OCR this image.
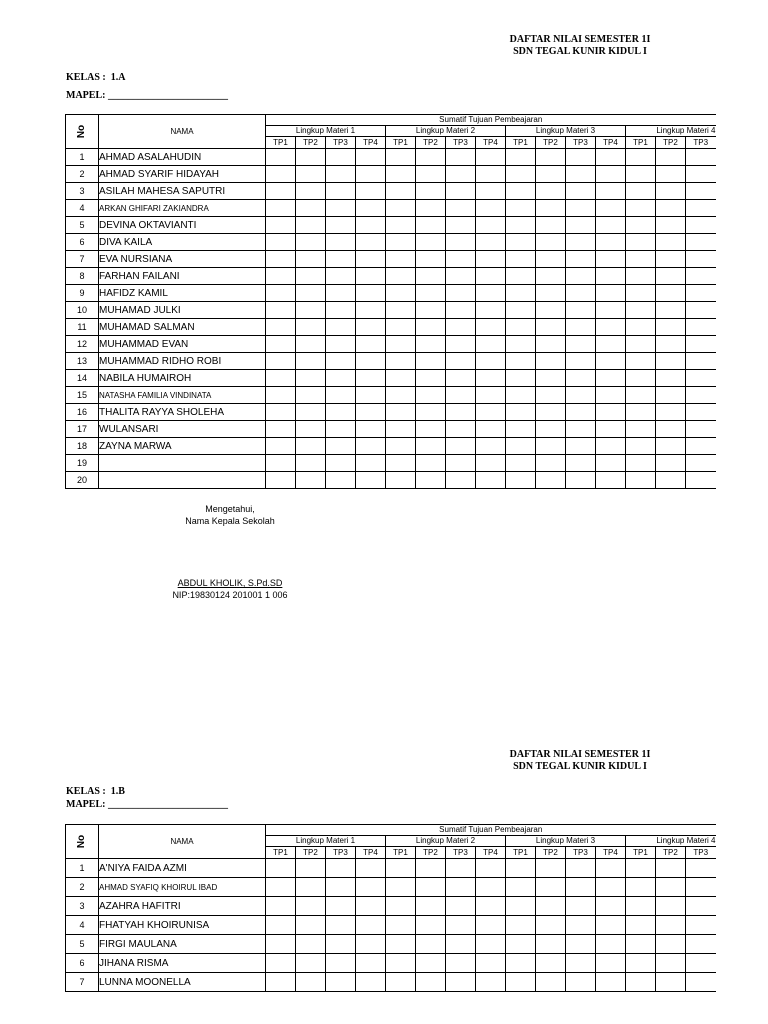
DAFTAR NILAI SEMESTER 1I
SDN TEGAL KUNIR KIDUL I
KELAS : 1.A
MAPEL: ________________________
No	NAMA	Sumatif Tujuan Pembeajaran														
		Lingkup Materi 1				Lingkup Materi 2				Lingkup Materi 3				Lingkup Materi 4		
		TP1	TP2	TP3	TP4	TP1	TP2	TP3	TP4	TP1	TP2	TP3	TP4	TP1	TP2	TP3
1	AHMAD ASALAHUDIN															
2	AHMAD SYARIF HIDAYAH															
3	ASILAH MAHESA SAPUTRI															
4	ARKAN GHIFARI ZAKIANDRA															
5	DEVINA OKTAVIANTI															
6	DIVA KAILA															
7	EVA NURSIANA															
8	FARHAN FAILANI															
9	HAFIDZ KAMIL															
10	MUHAMAD JULKI															
11	MUHAMAD SALMAN															
12	MUHAMMAD EVAN															
13	MUHAMMAD RIDHO ROBI															
14	NABILA HUMAIROH															
15	NATASHA FAMILIA VINDINATA															
16	THALITA RAYYA SHOLEHA															
17	WULANSARI															
18	ZAYNA MARWA															
19																
20																
Mengetahui,
Nama Kepala Sekolah
ABDUL KHOLIK, S.Pd.SD
NIP:19830124 201001 1 006
DAFTAR NILAI SEMESTER 1I
SDN TEGAL KUNIR KIDUL I
KELAS : 1.B
MAPEL: ________________________
No	NAMA	Sumatif Tujuan Pembeajaran														
		Lingkup Materi 1				Lingkup Materi 2				Lingkup Materi 3				Lingkup Materi 4		
		TP1	TP2	TP3	TP4	TP1	TP2	TP3	TP4	TP1	TP2	TP3	TP4	TP1	TP2	TP3
1	A'NIYA FAIDA AZMI															
2	AHMAD SYAFIQ KHOIRUL IBAD															
3	AZAHRA HAFITRI															
4	FHATYAH KHOIRUNISA															
5	FIRGI MAULANA															
6	JIHANA RISMA															
7	LUNNA MOONELLA															
